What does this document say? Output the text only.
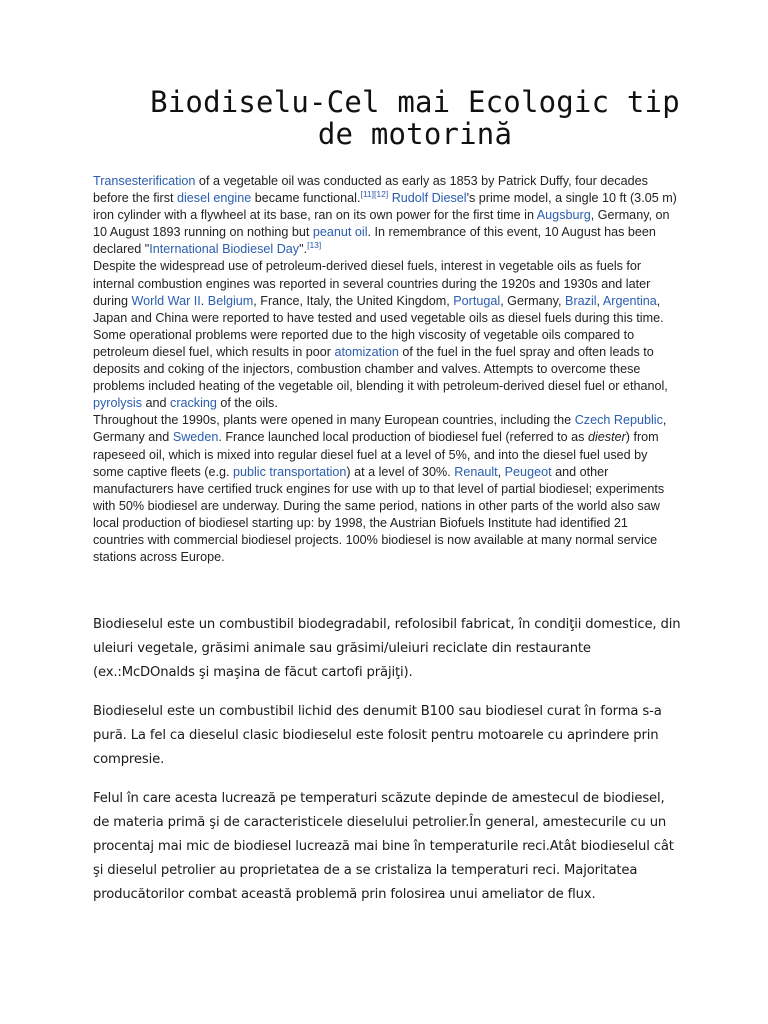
Biodiselu-Cel mai Ecologic tip
de motorină

Transesterification of a vegetable oil was conducted as early as 1853 by Patrick Duffy, four decades before the first diesel engine became functional.[11][12] Rudolf Diesel's prime model, a single 10 ft (3.05 m) iron cylinder with a flywheel at its base, ran on its own power for the first time in Augsburg, Germany, on 10 August 1893 running on nothing but peanut oil. In remembrance of this event, 10 August has been declared "International Biodiesel Day".[13]

Despite the widespread use of petroleum-derived diesel fuels, interest in vegetable oils as fuels for internal combustion engines was reported in several countries during the 1920s and 1930s and later during World War II. Belgium, France, Italy, the United Kingdom, Portugal, Germany, Brazil, Argentina, Japan and China were reported to have tested and used vegetable oils as diesel fuels during this time. Some operational problems were reported due to the high viscosity of vegetable oils compared to petroleum diesel fuel, which results in poor atomization of the fuel in the fuel spray and often leads to deposits and coking of the injectors, combustion chamber and valves. Attempts to overcome these problems included heating of the vegetable oil, blending it with petroleum-derived diesel fuel or ethanol, pyrolysis and cracking of the oils.

Throughout the 1990s, plants were opened in many European countries, including the Czech Republic, Germany and Sweden. France launched local production of biodiesel fuel (referred to as diester) from rapeseed oil, which is mixed into regular diesel fuel at a level of 5%, and into the diesel fuel used by some captive fleets (e.g. public transportation) at a level of 30%. Renault, Peugeot and other manufacturers have certified truck engines for use with up to that level of partial biodiesel; experiments with 50% biodiesel are underway. During the same period, nations in other parts of the world also saw local production of biodiesel starting up: by 1998, the Austrian Biofuels Institute had identified 21 countries with commercial biodiesel projects. 100% biodiesel is now available at many normal service stations across Europe.

Biodieselul este un combustibil biodegradabil, refolosibil fabricat, în condiţii domestice, din uleiuri vegetale, grăsimi animale sau grăsimi/uleiuri reciclate din restaurante (ex.:McDOnalds şi maşina de făcut cartofi prăjiţi).

Biodieselul este un combustibil lichid des denumit B100 sau biodiesel curat în forma s-a pură. La fel ca dieselul clasic biodieselul este folosit pentru motoarele cu aprindere prin compresie.

Felul în care acesta lucrează pe temperaturi scăzute depinde de amestecul de biodiesel, de materia primă şi de caracteristicele dieselului petrolier.În general, amestecurile cu un procentaj mai mic de biodiesel lucrează mai bine în temperaturile reci.Atât biodieselul cât şi dieselul petrolier au proprietatea de a se cristaliza la temperaturi reci. Majoritatea producătorilor combat această problemă prin folosirea unui ameliator de flux.
